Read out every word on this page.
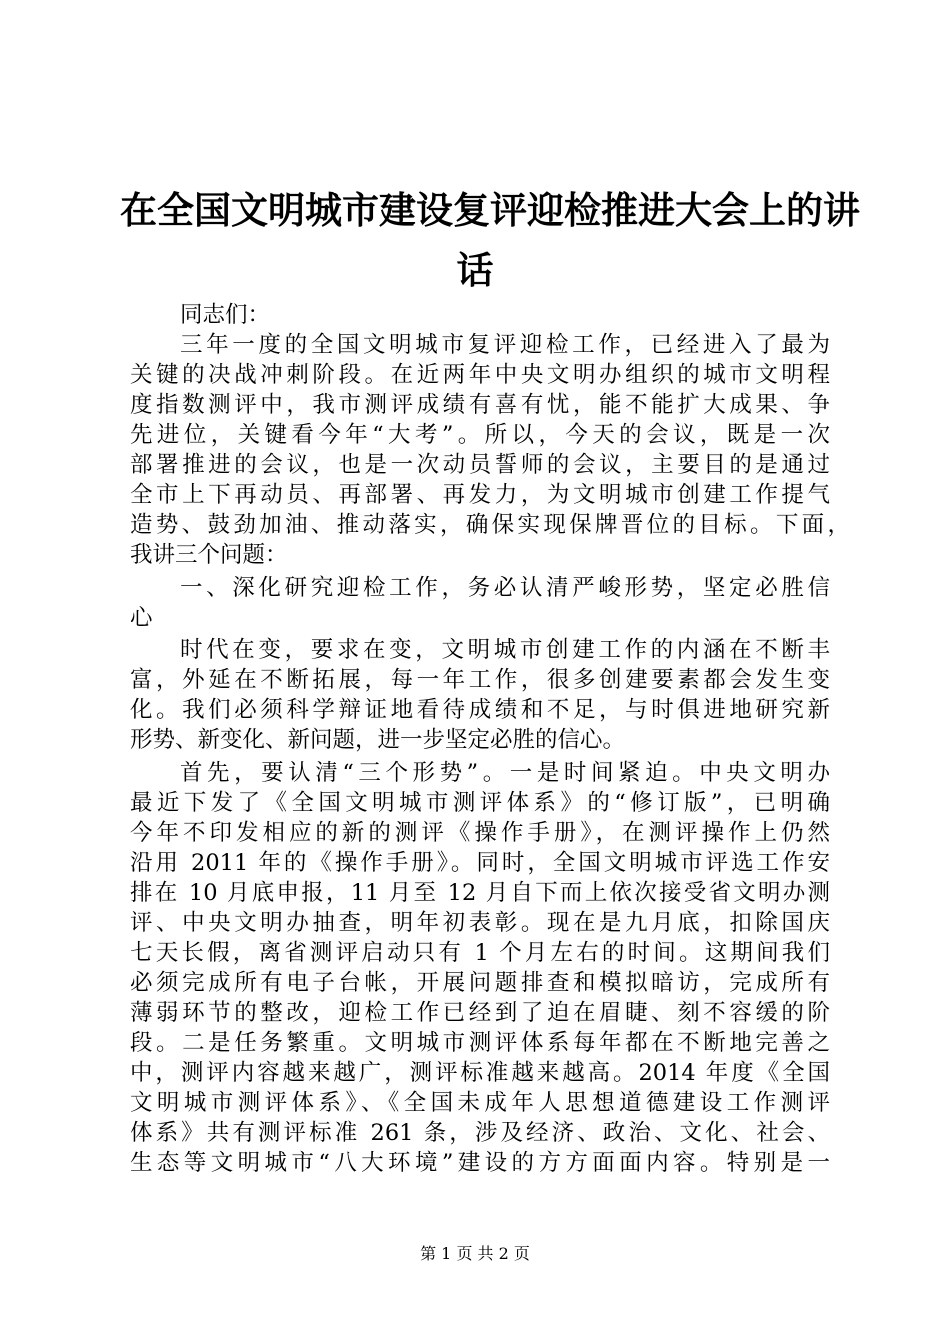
在全国文明城市建设复评迎检推进大会上的讲
话

同志们：

三年一度的全国文明城市复评迎检工作，已经进入了最为

关键的决战冲刺阶段。在近两年中央文明办组织的城市文明程

度指数测评中，我市测评成绩有喜有忧，能不能扩大成果、争

先进位，关键看今年“大考”。所以，今天的会议，既是一次

部署推进的会议，也是一次动员誓师的会议，主要目的是通过

全市上下再动员、再部署、再发力，为文明城市创建工作提气

造势、鼓劲加油、推动落实，确保实现保牌晋位的目标。下面，

我讲三个问题：

一、深化研究迎检工作，务必认清严峻形势，坚定必胜信

心

时代在变，要求在变，文明城市创建工作的内涵在不断丰

富，外延在不断拓展，每一年工作，很多创建要素都会发生变

化。我们必须科学辩证地看待成绩和不足，与时俱进地研究新

形势、新变化、新问题，进一步坚定必胜的信心。

首先，要认清“三个形势”。一是时间紧迫。中央文明办

最近下发了《全国文明城市测评体系》的“修订版”，已明确

今年不印发相应的新的测评《操作手册》，在测评操作上仍然

沿用 2011 年的《操作手册》。同时，全国文明城市评选工作安

排在 10 月底申报，11 月至 12 月自下而上依次接受省文明办测

评、中央文明办抽查，明年初表彰。现在是九月底，扣除国庆

七天长假，离省测评启动只有 1 个月左右的时间。这期间我们

必须完成所有电子台帐，开展问题排查和模拟暗访，完成所有

薄弱环节的整改，迎检工作已经到了迫在眉睫、刻不容缓的阶

段。二是任务繁重。文明城市测评体系每年都在不断地完善之

中，测评内容越来越广，测评标准越来越高。2014 年度《全国

文明城市测评体系》、《全国未成年人思想道德建设工作测评

体系》共有测评标准 261 条，涉及经济、政治、文化、社会、

生态等文明城市“八大环境”建设的方方面面内容。特别是一

第 1 页 共 2 页
